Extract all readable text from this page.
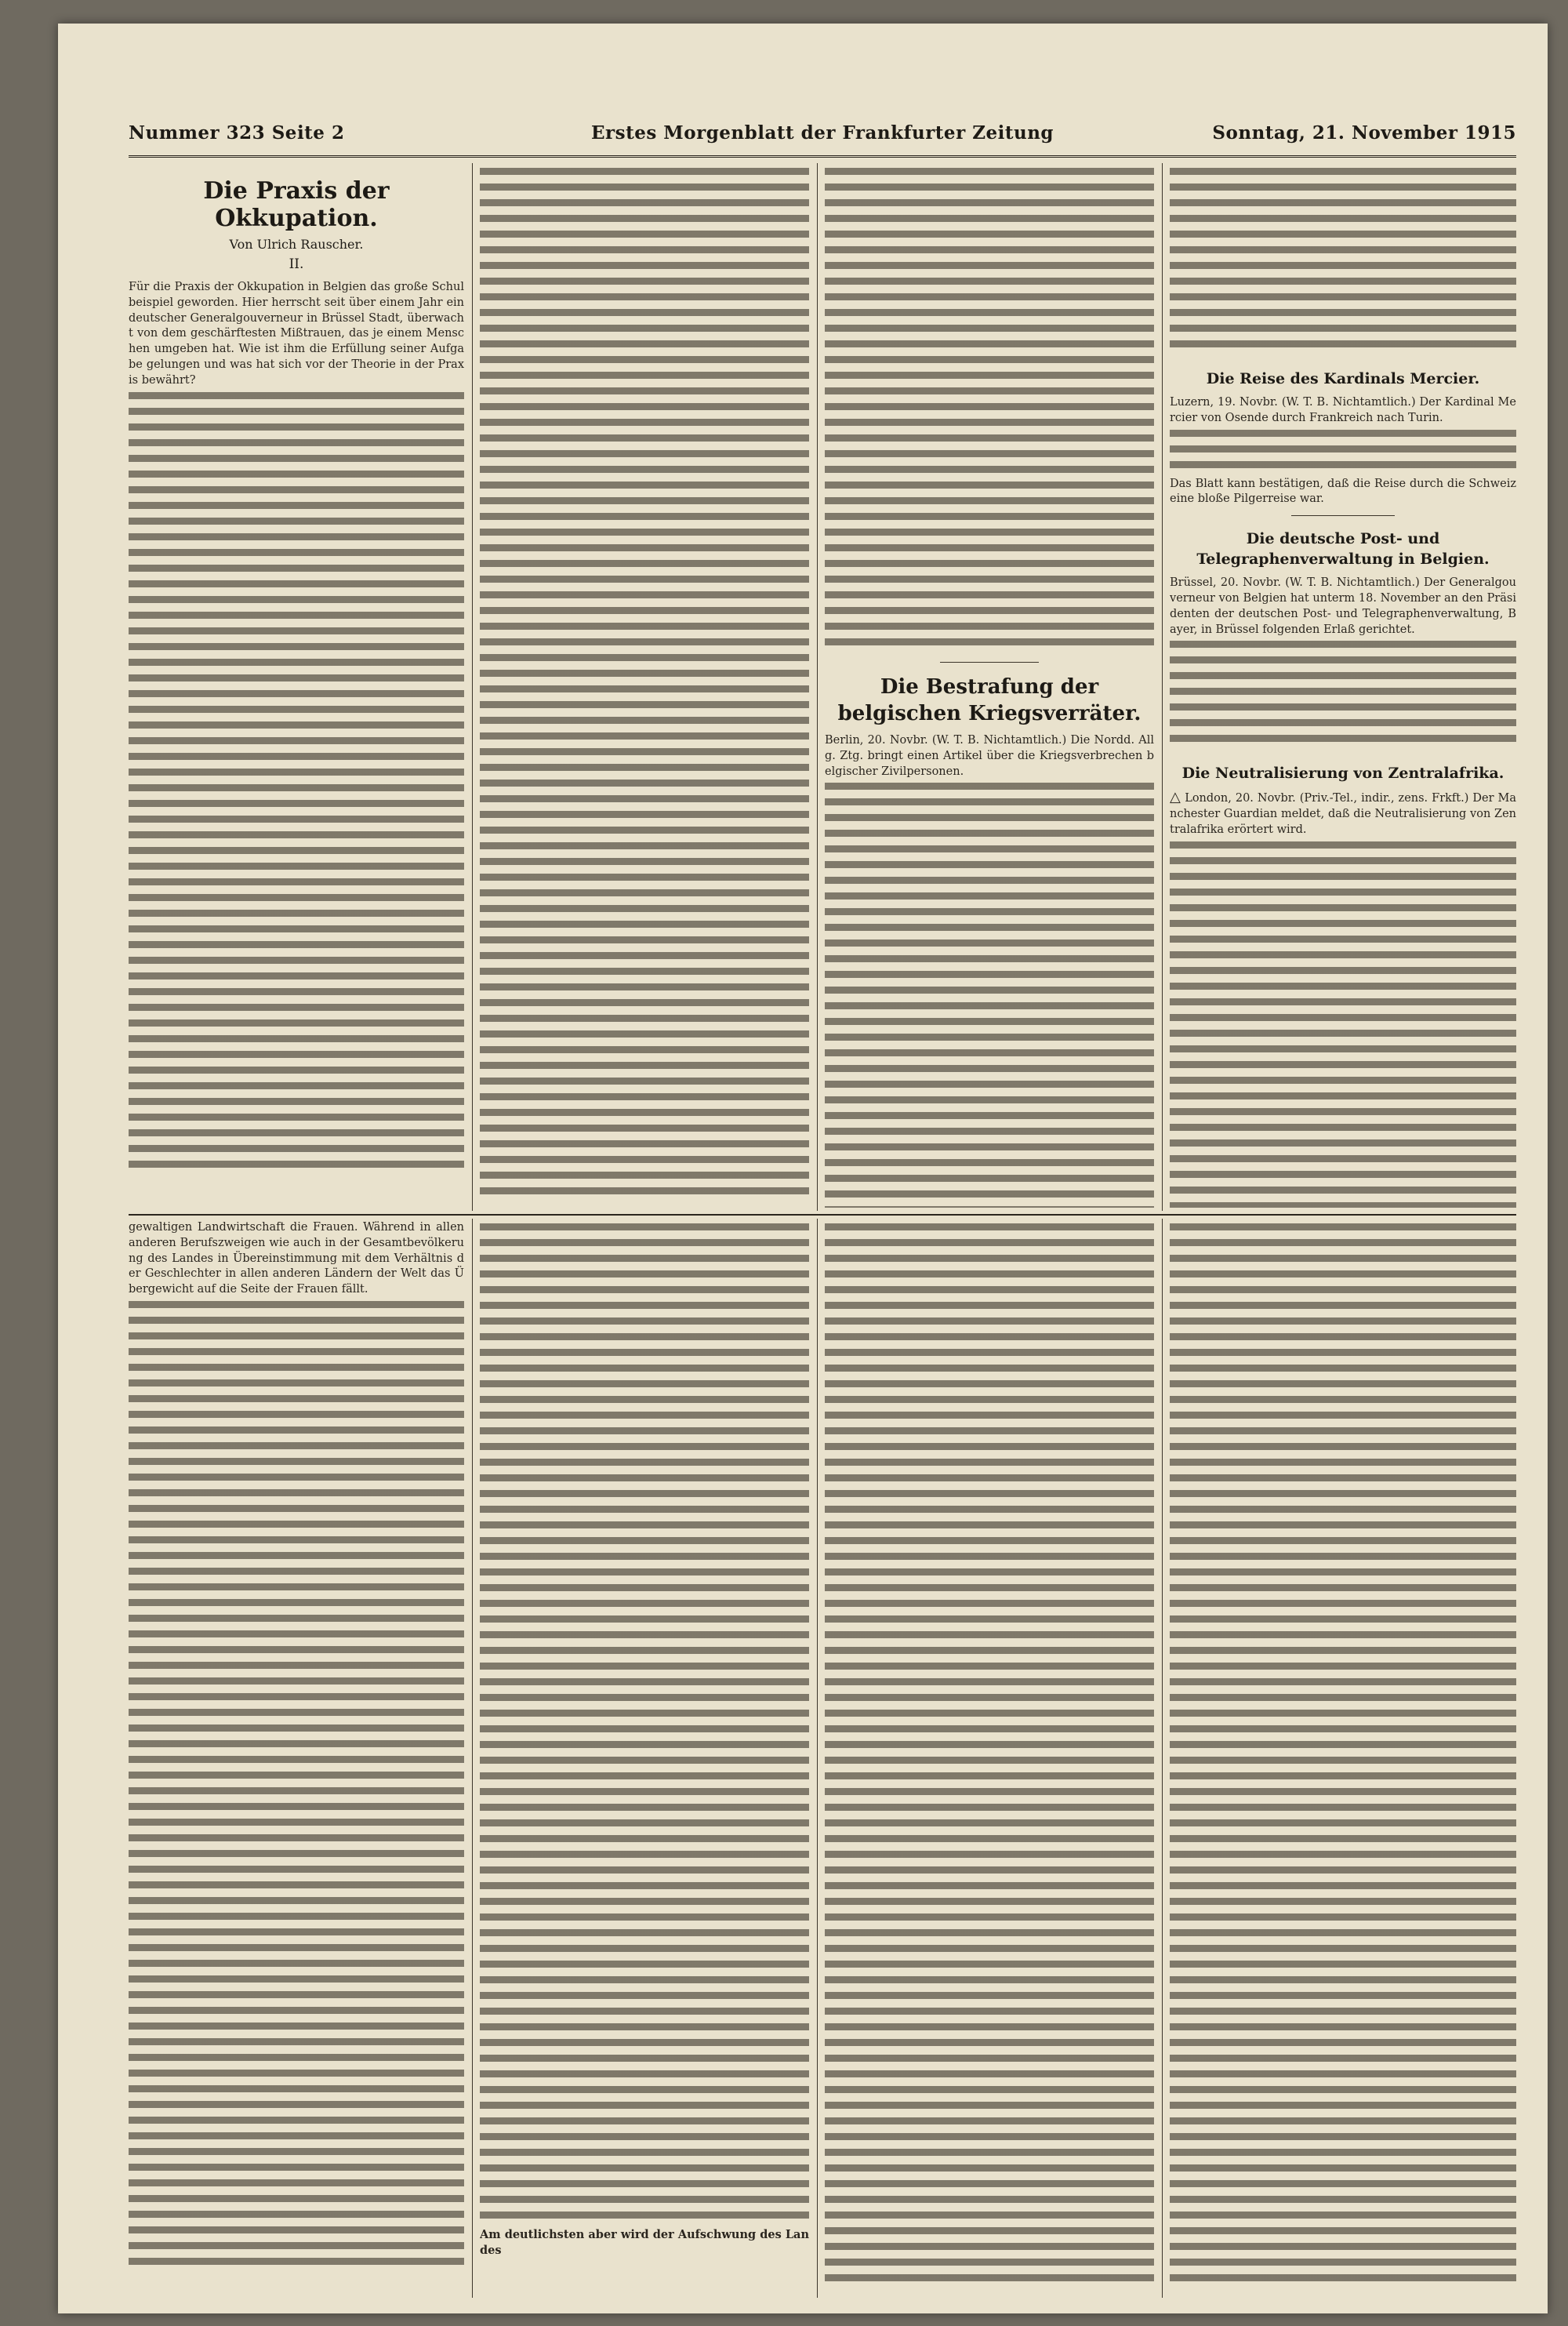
Nummer 323 Seite 2	Erstes Morgenblatt der Frankfurter Zeitung	Sonntag, 21. November 1915
Die Praxis der Okkupation.
Von Ulrich Rauscher.
II.
Für die Praxis der Okkupation in Belgien das große Schulbeispiel geworden. Hier herrscht seit über einem Jahr ein deutscher Generalgouverneur in Brüssel Stadt, überwacht von dem geschärftesten Mißtrauen, das je einem Menschen umgeben hat. Wie ist ihm die Erfüllung seiner Aufgabe gelungen und was hat sich vor der Theorie in der Praxis bewährt?
Die Bestrafung der belgischen Kriegsverräter.
Berlin, 20. Novbr. (W. T. B. Nichtamtlich.) Die Nordd. Allg. Ztg. bringt einen Artikel über die Kriegsverbrechen belgischer Zivilpersonen.
Die Reise des Kardinals Mercier.
Luzern, 19. Novbr. (W. T. B. Nichtamtlich.) Der Kardinal Mercier von Osende durch Frankreich nach Turin.
Das Blatt kann bestätigen, daß die Reise durch die Schweiz eine bloße Pilgerreise war.
Die deutsche Post- und Telegraphenverwaltung in Belgien.
Brüssel, 20. Novbr. (W. T. B. Nichtamtlich.) Der Generalgouverneur von Belgien hat unterm 18. November an den Präsidenten der deutschen Post- und Telegraphenverwaltung, Bayer, in Brüssel folgenden Erlaß gerichtet.
Die Neutralisierung von Zentralafrika.
△ London, 20. Novbr. (Priv.-Tel., indir., zens. Frkft.) Der Manchester Guardian meldet, daß die Neutralisierung von Zentralafrika erörtert wird.
gewaltigen Landwirtschaft die Frauen. Während in allen anderen Berufszweigen wie auch in der Gesamtbevölkerung des Landes in Übereinstimmung mit dem Verhältnis der Geschlechter in allen anderen Ländern der Welt das Übergewicht auf die Seite der Frauen fällt.
Am deutlichsten aber wird der Aufschwung des Landes
